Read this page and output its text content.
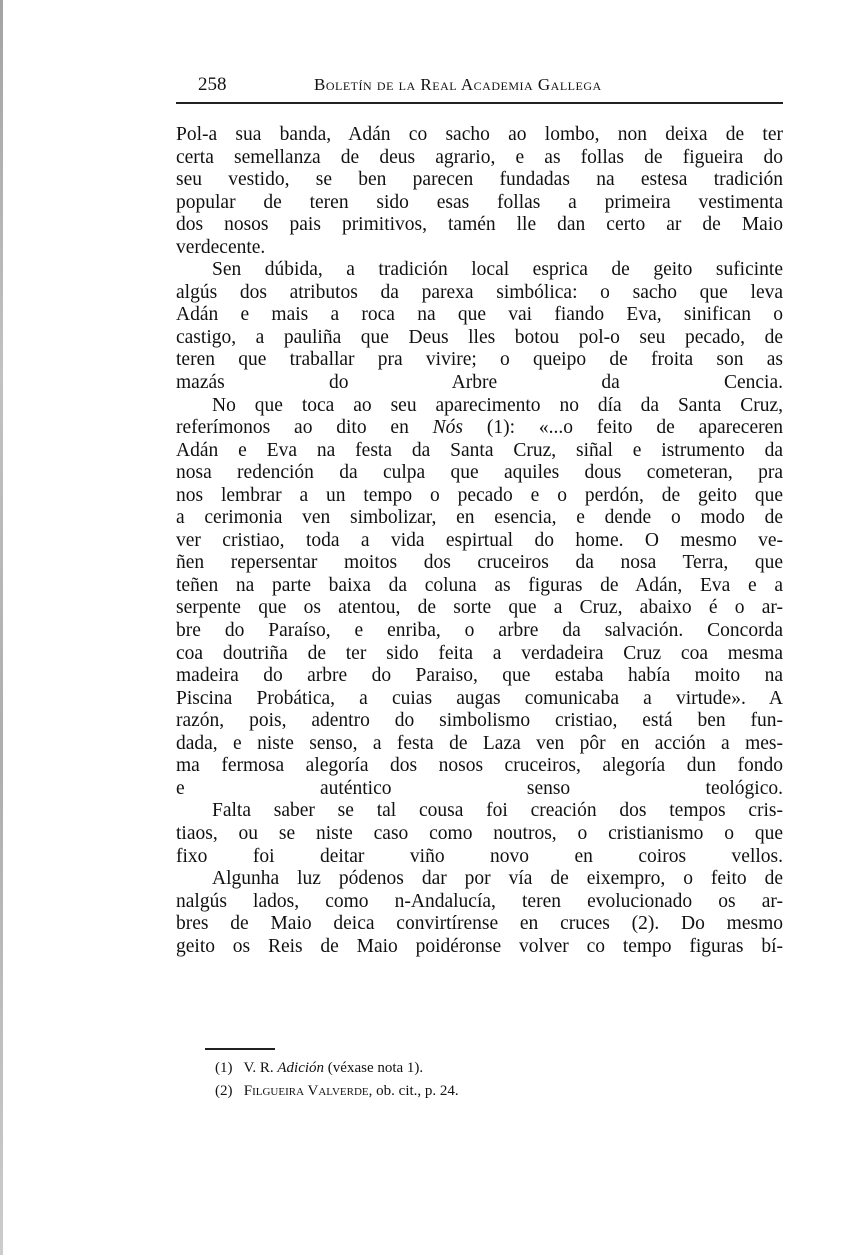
258	Boletín de la Real Academia Gallega
Pol-a sua banda, Adán co sacho ao lombo, non deixa de ter
certa semellanza de deus agrario, e as follas de figueira do
seu vestido, se ben parecen fundadas na estesa tradición
popular de teren sido esas follas a primeira vestimenta
dos nosos pais primitivos, tamén lle dan certo ar de Maio
verdecente.
Sen dúbida, a tradición local esprica de geito suficinte
algús dos atributos da parexa simbólica: o sacho que leva
Adán e mais a roca na que vai fiando Eva, sinifican o
castigo, a pauliña que Deus lles botou pol-o seu pecado, de
teren que traballar pra vivire; o queipo de froita son as
mazás do Arbre da Cencia.
No que toca ao seu aparecimento no día da Santa Cruz,
referímonos ao dito en Nós (1): «...o feito de apareceren
Adán e Eva na festa da Santa Cruz, siñal e istrumento da
nosa redención da culpa que aquiles dous cometeran, pra
nos lembrar a un tempo o pecado e o perdón, de geito que
a cerimonia ven simbolizar, en esencia, e dende o modo de
ver cristiao, toda a vida espirtual do home. O mesmo ve-
ñen repersentar moitos dos cruceiros da nosa Terra, que
teñen na parte baixa da coluna as figuras de Adán, Eva e a
serpente que os atentou, de sorte que a Cruz, abaixo é o ar-
bre do Paraíso, e enriba, o arbre da salvación. Concorda
coa doutriña de ter sido feita a verdadeira Cruz coa mesma
madeira do arbre do Paraiso, que estaba había moito na
Piscina Probática, a cuias augas comunicaba a virtude». A
razón, pois, adentro do simbolismo cristiao, está ben fun-
dada, e niste senso, a festa de Laza ven pôr en acción a mes-
ma fermosa alegoría dos nosos cruceiros, alegoría dun fondo
e auténtico senso teológico.
Falta saber se tal cousa foi creación dos tempos cris-
tiaos, ou se niste caso como noutros, o cristianismo o que
fixo foi deitar viño novo en coiros vellos.
Algunha luz pódenos dar por vía de eixempro, o feito de
nalgús lados, como n-Andalucía, teren evolucionado os ar-
bres de Maio deica convirtírense en cruces (2). Do mesmo
geito os Reis de Maio poidéronse volver co tempo figuras bí-
(1) V. R. Adición (véxase nota 1).
(2) Filgueira Valverde, ob. cit., p. 24.
